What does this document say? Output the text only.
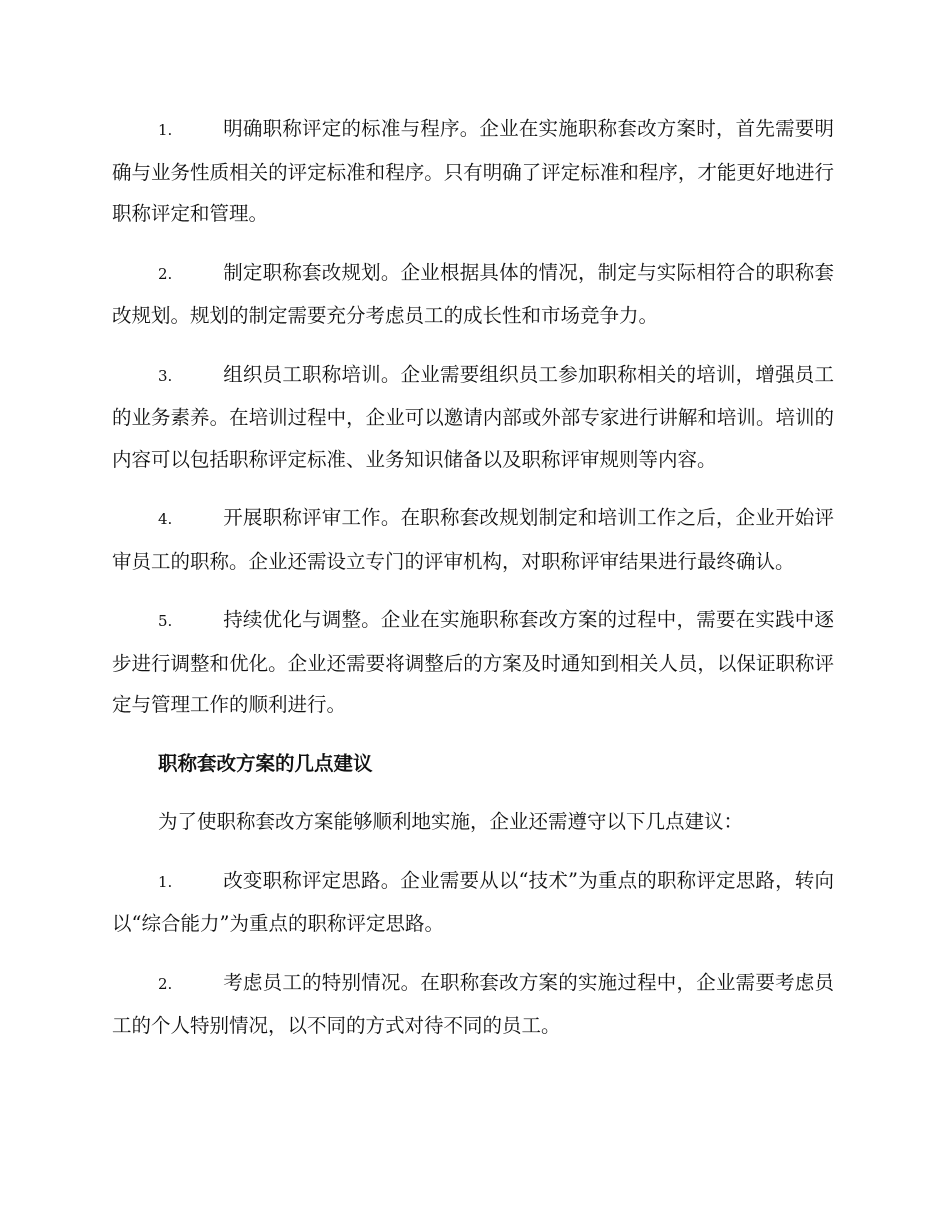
1.	明确职称评定的标准与程序。企业在实施职称套改方案时，首先需要明确与业务性质相关的评定标准和程序。只有明确了评定标准和程序，才能更好地进行职称评定和管理。

2.	制定职称套改规划。企业根据具体的情况，制定与实际相符合的职称套改规划。规划的制定需要充分考虑员工的成长性和市场竞争力。

3.	组织员工职称培训。企业需要组织员工参加职称相关的培训，增强员工的业务素养。在培训过程中，企业可以邀请内部或外部专家进行讲解和培训。培训的内容可以包括职称评定标准、业务知识储备以及职称评审规则等内容。

4.	开展职称评审工作。在职称套改规划制定和培训工作之后，企业开始评审员工的职称。企业还需设立专门的评审机构，对职称评审结果进行最终确认。

5.	持续优化与调整。企业在实施职称套改方案的过程中，需要在实践中逐步进行调整和优化。企业还需要将调整后的方案及时通知到相关人员，以保证职称评定与管理工作的顺利进行。

职称套改方案的几点建议

为了使职称套改方案能够顺利地实施，企业还需遵守以下几点建议：

1.	改变职称评定思路。企业需要从以“技术”为重点的职称评定思路，转向以“综合能力”为重点的职称评定思路。

2.	考虑员工的特别情况。在职称套改方案的实施过程中，企业需要考虑员工的个人特别情况，以不同的方式对待不同的员工。
